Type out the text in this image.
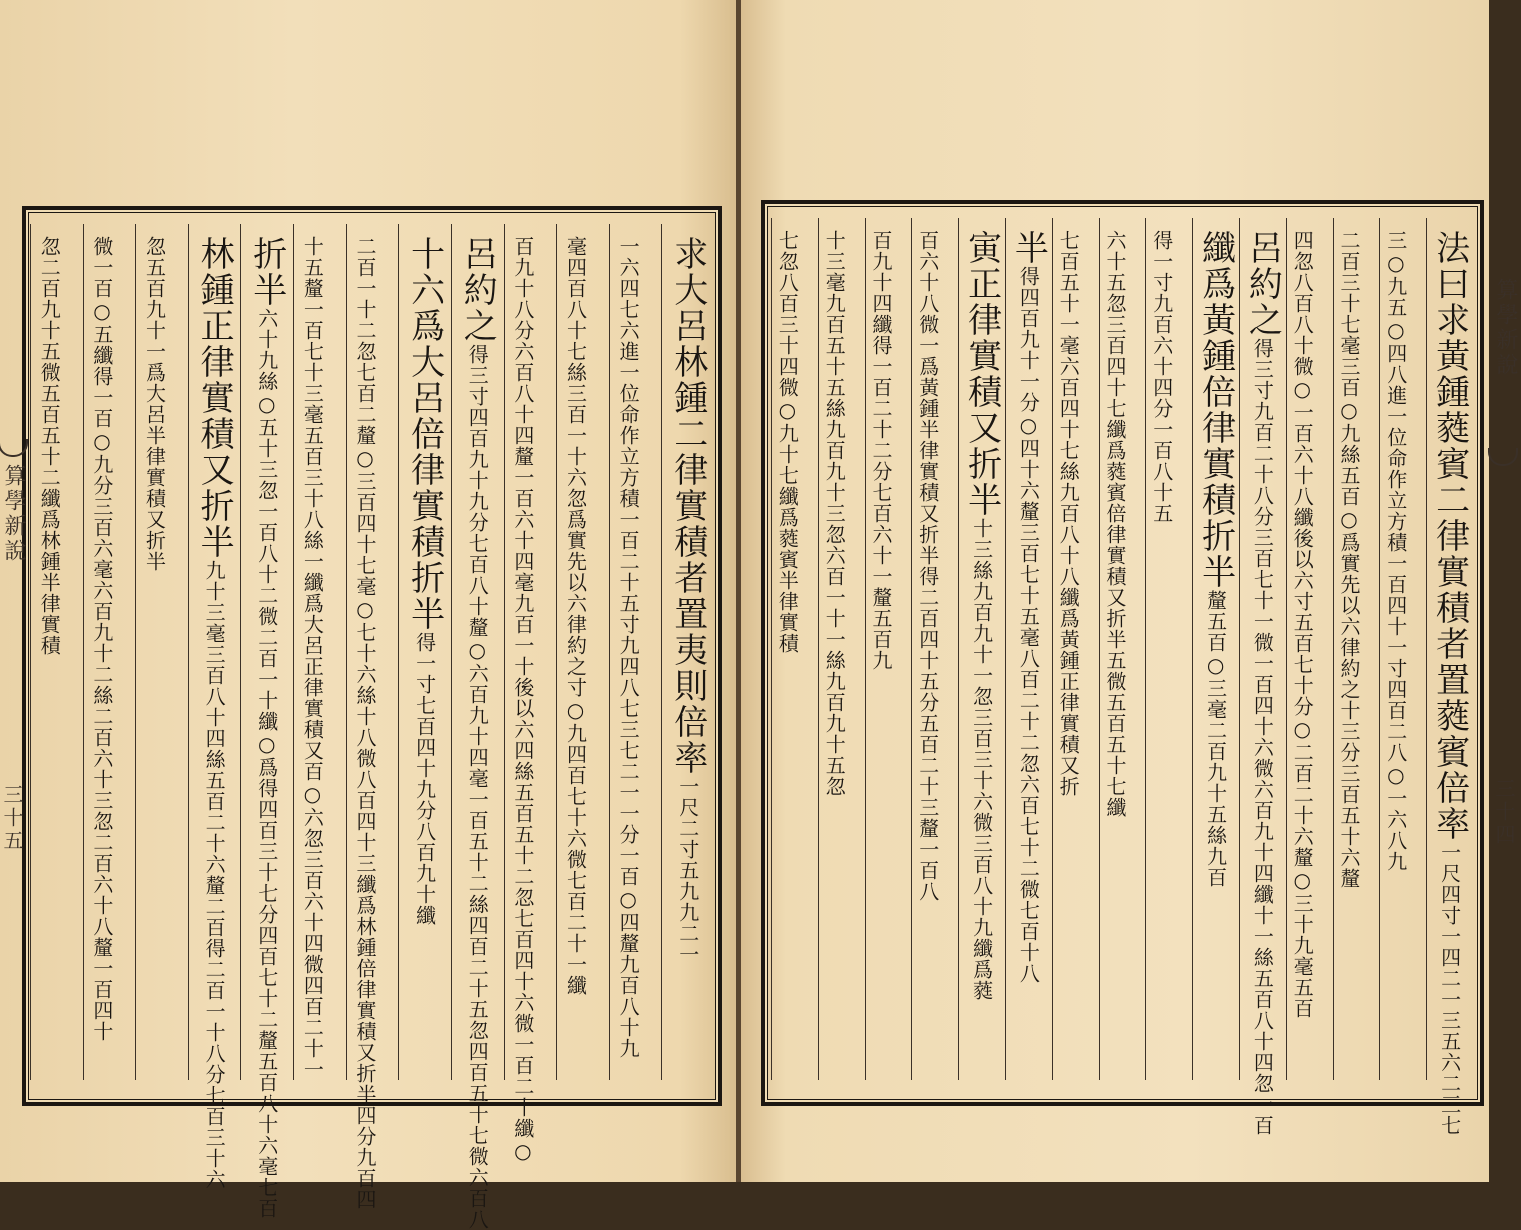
算學新說
三十五
求大呂林鍾二律實積者置夷則倍率一尺二寸五九九二一
一六四七六進一位命作立方積一百二十五寸九四八七三七二一一分一百○四釐九百八十九
毫四百八十七絲三百一十六忽爲實先以六律約之寸○九四百七十六微七百二十一纖
百九十八分六百八十四釐一百六十四毫九百一十後以六四絲五百五十二忽七百四十六微一百二十纖○
呂約之得三寸四百九十九分七百八十釐○六百九十四毫一百五十二絲四百二十五忽四百五十七微六百八
十六爲大呂倍律實積折半得一寸七百四十九分八百九十纖
二百一十二忽七百二釐○三百四十七毫○七十六絲十八微八百四十三纖爲林鍾倍律實積又折半四分九百四
十五釐一百七十三毫五百三十八絲一纖爲大呂正律實積又百○六忽三百六十四微四百二十一
折半六十九絲○五十三忽一百八十二微二百一十纖○爲得四百三十七分四百七十二釐五百八十六毫七百
林鍾正律實積又折半九十三毫三百八十四絲五百二十六釐二百得二百一十八分七百三十六
忽五百九十一爲大呂半律實積又折半
微一百○五纖得一百○九分三百六毫六百九十二絲二百六十三忽二百六十八釐一百四十
忽二百九十五微五百五十二纖爲林鍾半律實積	算學新說
三十四
法曰求黃鍾蕤賓二律實積者置蕤賓倍率一尺四寸一四二一三五六二三七
三○九五○四八進一位命作立方積一百四十一寸四百二八○一六八九
二百三十七毫三百○九絲五百○爲實先以六律約之十三分三百五十六釐
四忽八百八十微○一百六十八纖後以六寸五百七十分○二百二十六釐○三十九毫五百
呂約之得三寸九百二十八分三百七十一微一百四十六微六百九十四纖十一絲五百八十四忽一百
纖爲黃鍾倍律實積折半釐五百○三毫二百九十五絲九百
得一寸九百六十四分一百八十五
六十五忽三百四十七纖爲蕤賓倍律實積又折半五微五百五十七纖
七百五十一毫六百四十七絲九百八十八纖爲黃鍾正律實積又折
半得四百九十一分○四十六釐三百七十五毫八百二十二忽六百七十二微七百十八
寅正律實積又折半十三絲九百九十一忽三百三十六微三百八十九纖爲蕤
百六十八微一爲黃鍾半律實積又折半得二百四十五分五百二十三釐一百八
百九十四纖得一百二十二分七百六十一釐五百九
十三毫九百五十五絲九百九十三忽六百一十一絲九百九十五忽
七忽八百三十四微○九十七纖爲蕤賓半律實積
